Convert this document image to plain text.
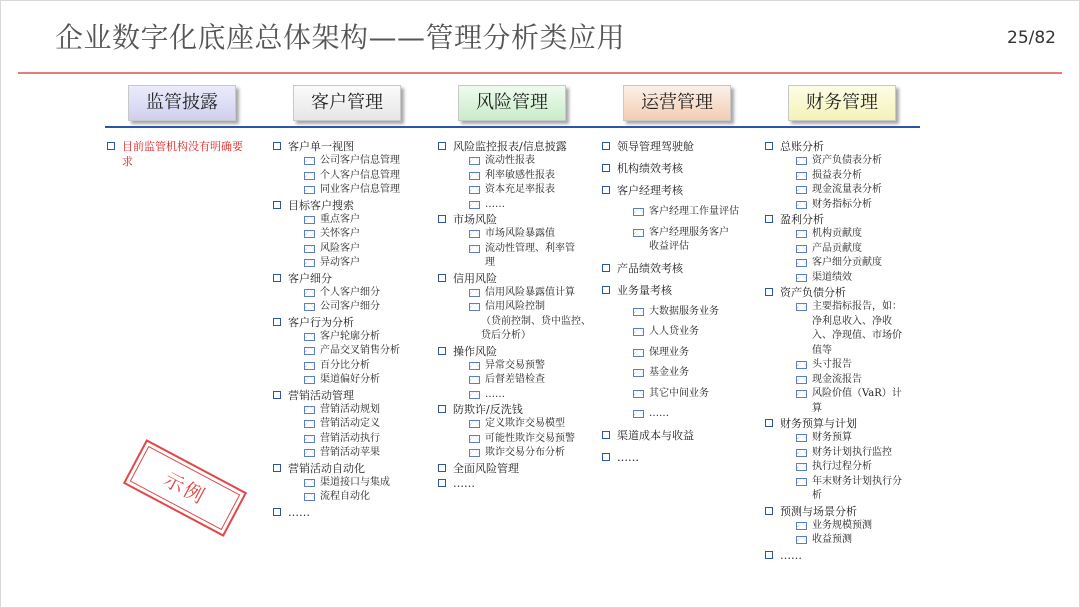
企业数字化底座总体架构——管理分析类应用	25/82
监管披露	客户管理	风险管理	运营管理	财务管理
目前监管机构没有明确要求
客户单一视图
公司客户信息管理
个人客户信息管理
同业客户信息管理
目标客户搜索
重点客户
关怀客户
风险客户
异动客户
客户细分
个人客户细分
公司客户细分
客户行为分析
客户轮廓分析
产品交叉销售分析
百分比分析
渠道偏好分析
营销活动管理
营销活动规划
营销活动定义
营销活动执行
营销活动苹果
营销活动自动化
渠道接口与集成
流程自动化
……
风险监控报表/信息披露
流动性报表
利率敏感性报表
资本充足率报表
……
市场风险
市场风险暴露值
流动性管理、利率管理
信用风险
信用风险暴露值计算
信用风险控制
（贷前控制、贷中监控、贷后分析）
操作风险
异常交易预警
后督差错检查
……
防欺诈/反洗钱
定义欺诈交易模型
可能性欺诈交易预警
欺诈交易分布分析
全面风险管理
……
领导管理驾驶舱
机构绩效考核
客户经理考核
客户经理工作量评估
客户经理服务客户收益评估
产品绩效考核
业务量考核
大数据服务业务
人人贷业务
保理业务
基金业务
其它中间业务
……
渠道成本与收益
……
总账分析
资产负债表分析
损益表分析
现金流量表分析
财务指标分析
盈利分析
机构贡献度
产品贡献度
客户细分贡献度
渠道绩效
资产负债分析
主要指标报告，如：净利息收入、净收入、净现值、市场价值等
头寸报告
现金流报告
风险价值（VaR）计算
财务预算与计划
财务预算
财务计划执行监控
执行过程分析
年末财务计划执行分析
预测与场景分析
业务规模预测
收益预测
……
示例
